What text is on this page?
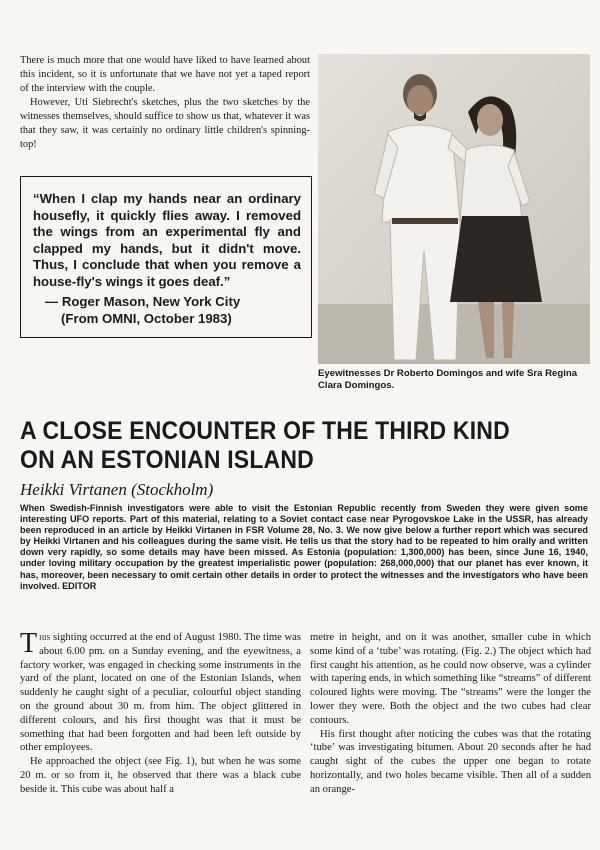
There is much more that one would have liked to have learned about this incident, so it is unfortunate that we have not yet a taped report of the interview with the couple.

However, Uti Siebrecht's sketches, plus the two sketches by the witnesses themselves, should suffice to show us that, whatever it was that they saw, it was certainly no ordinary little children's spinning-top!

“When I clap my hands near an ordinary housefly, it quickly flies away. I removed the wings from an experimental fly and clapped my hands, but it didn't move. Thus, I conclude that when you remove a house-fly's wings it goes deaf.”

— Roger Mason, New York City

(From OMNI, October 1983)

Eyewitnesses Dr Roberto Domingos and wife Sra Regina Clara Domingos.
A CLOSE ENCOUNTER OF THE THIRD KIND ON AN ESTONIAN ISLAND

Heikki Virtanen (Stockholm)

When Swedish-Finnish investigators were able to visit the Estonian Republic recently from Sweden they were given some interesting UFO reports. Part of this material, relating to a Soviet contact case near Pyrogovskoe Lake in the USSR, has already been reproduced in an article by Heikki Virtanen in FSR Volume 28, No. 3. We now give below a further report which was secured by Heikki Virtanen and his colleagues during the same visit. He tells us that the story had to be repeated to him orally and written down very rapidly, so some details may have been missed. As Estonia (population: 1,300,000) has been, since June 16, 1940, under loving military occupation by the greatest imperialistic power (population: 268,000,000) that our planet has ever known, it has, moreover, been necessary to omit certain other details in order to protect the witnesses and the investigators who have been involved. EDITOR

This sighting occurred at the end of August 1980. The time was about 6.00 pm. on a Sunday evening, and the eyewitness, a factory worker, was engaged in checking some instruments in the yard of the plant, located on one of the Estonian Islands, when suddenly he caught sight of a peculiar, colourful object standing on the ground about 30 m. from him. The object glittered in different colours, and his first thought was that it must be something that had been forgotten and had been left outside by other employees.

He approached the object (see Fig. 1), but when he was some 20 m. or so from it, he observed that there was a black cube beside it. This cube was about half a

metre in height, and on it was another, smaller cube in which some kind of a ‘tube’ was rotating. (Fig. 2.) The object which had first caught his attention, as he could now observe, was a cylinder with tapering ends, in which something like “streams” of different coloured lights were moving. The “streams” were the longer the lower they were. Both the object and the two cubes had clear contours.

His first thought after noticing the cubes was that the rotating ‘tube’ was investigating bitumen. About 20 seconds after he had caught sight of the cubes the upper one began to rotate horizontally, and two holes became visible. Then all of a sudden an orange-
